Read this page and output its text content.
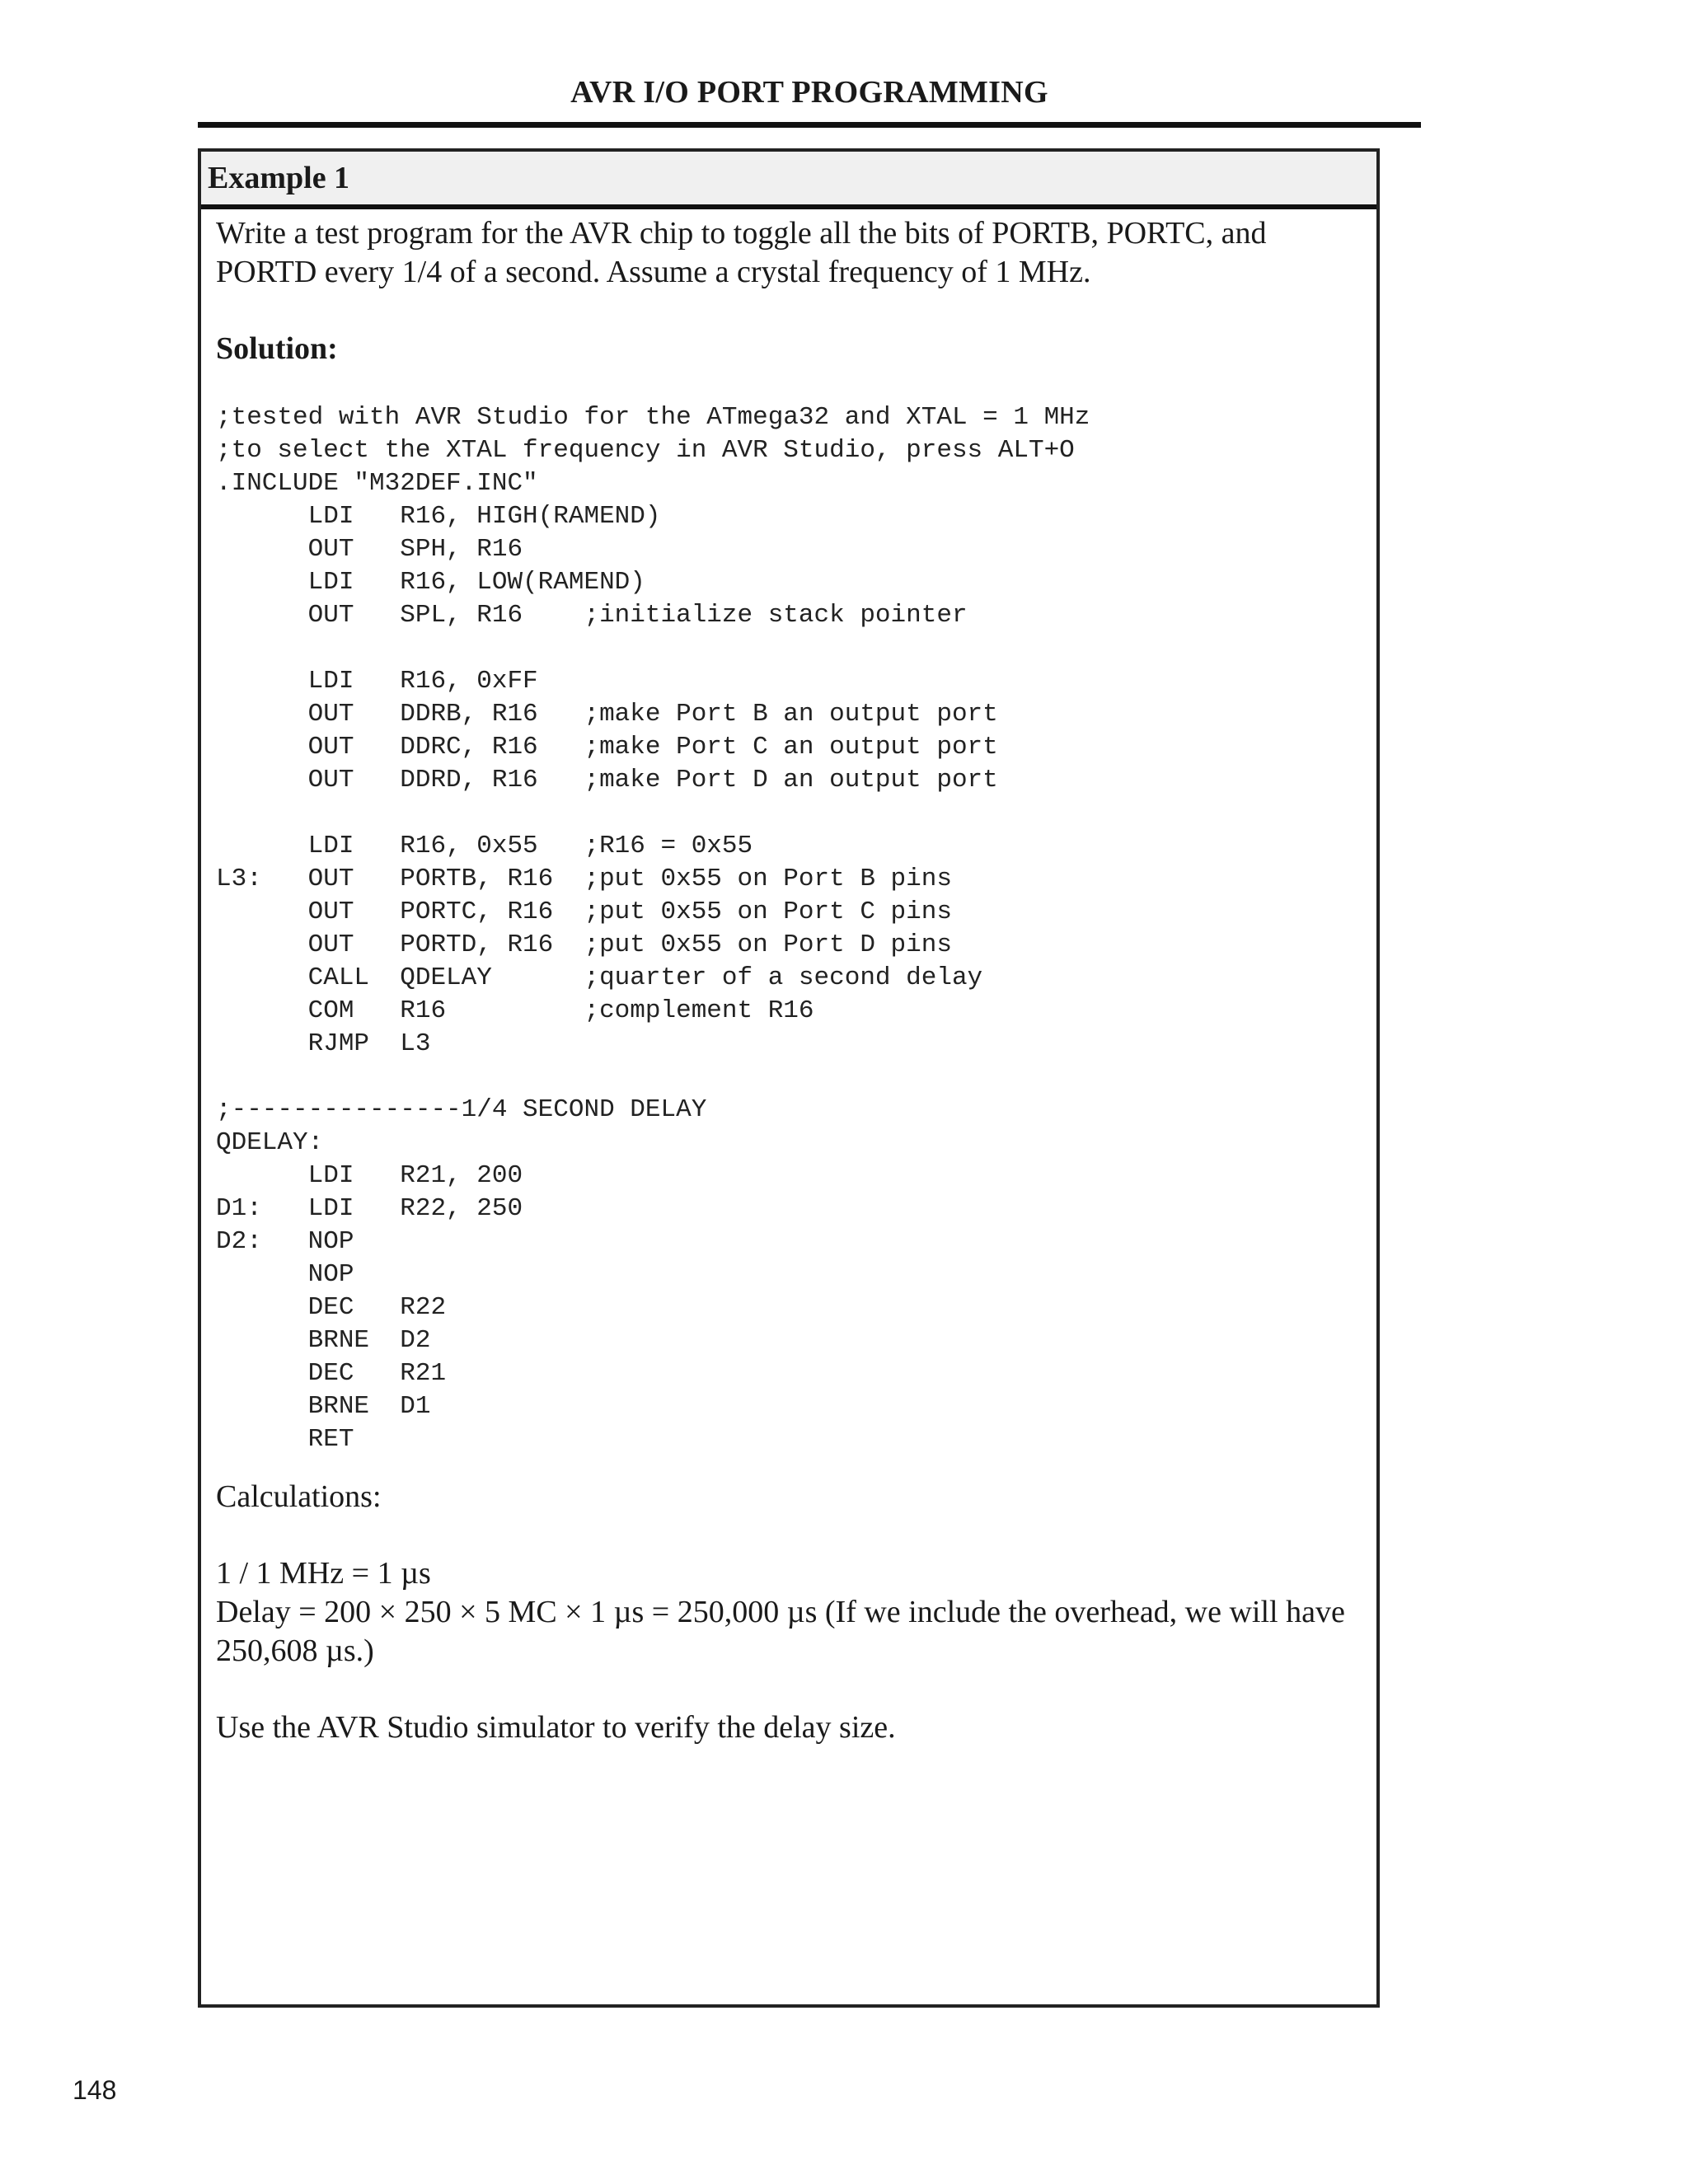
AVR I/O PORT PROGRAMMING
Example 1

Write a test program for the AVR chip to toggle all the bits of PORTB, PORTC, and PORTD every 1/4 of a second. Assume a crystal frequency of 1 MHz.

Solution:

;tested with AVR Studio for the ATmega32 and XTAL = 1 MHz
;to select the XTAL frequency in AVR Studio, press ALT+O
.INCLUDE "M32DEF.INC"
LDI   R16, HIGH(RAMEND)
OUT   SPH, R16
LDI   R16, LOW(RAMEND)
OUT   SPL, R16    ;initialize stack pointer
LDI   R16, 0xFF
OUT   DDRB, R16   ;make Port B an output port
OUT   DDRC, R16   ;make Port C an output port
OUT   DDRD, R16   ;make Port D an output port
LDI   R16, 0x55   ;R16 = 0x55
L3:   OUT   PORTB, R16  ;put 0x55 on Port B pins
OUT   PORTC, R16  ;put 0x55 on Port C pins
OUT   PORTD, R16  ;put 0x55 on Port D pins
CALL  QDELAY      ;quarter of a second delay
COM   R16         ;complement R16
RJMP  L3
;---------------1/4 SECOND DELAY
QDELAY:
LDI   R21, 200
D1:   LDI   R22, 250
D2:   NOP
NOP
DEC   R22
BRNE  D2
DEC   R21
BRNE  D1
RET

Calculations:

1 / 1 MHz = 1 µs

Delay = 200 × 250 × 5 MC × 1 µs = 250,000 µs (If we include the overhead, we will have 250,608 µs.)

Use the AVR Studio simulator to verify the delay size.

148
